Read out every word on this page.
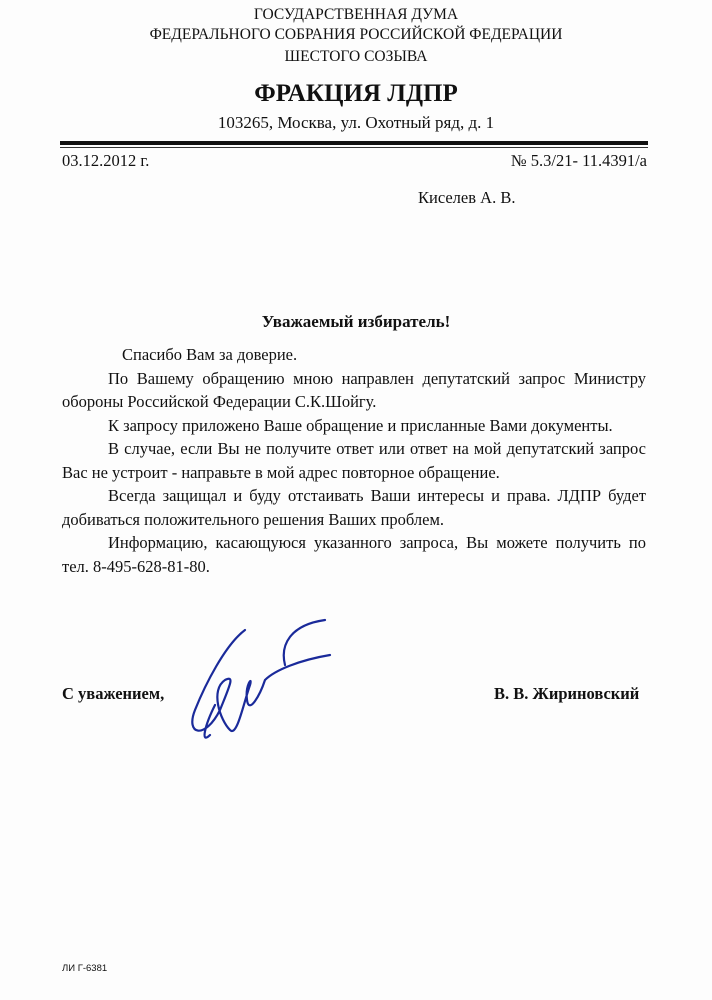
ГОСУДАРСТВЕННАЯ ДУМА
ФЕДЕРАЛЬНОГО СОБРАНИЯ РОССИЙСКОЙ ФЕДЕРАЦИИ
ШЕСТОГО СОЗЫВА
ФРАКЦИЯ ЛДПР
103265, Москва, ул. Охотный ряд, д. 1
03.12.2012 г.	№ 5.3/21- 11.4391/а
Киселев А. В.
Уважаемый избиратель!

Спасибо Вам за доверие.

По Вашему обращению мною направлен депутатский запрос Министру обороны Российской Федерации С.К.Шойгу.

К запросу приложено Ваше обращение и присланные Вами документы.

В случае, если Вы не получите ответ или ответ на мой депутатский запрос Вас не устроит - направьте в мой адрес повторное обращение.

Всегда защищал и буду отстаивать Ваши интересы и права. ЛДПР будет добиваться положительного решения Ваших проблем.

Информацию, касающуюся указанного запроса, Вы можете получить по тел. 8-495-628-81-80.

С уважением,	В. В. Жириновский
ЛИ Г-6381
